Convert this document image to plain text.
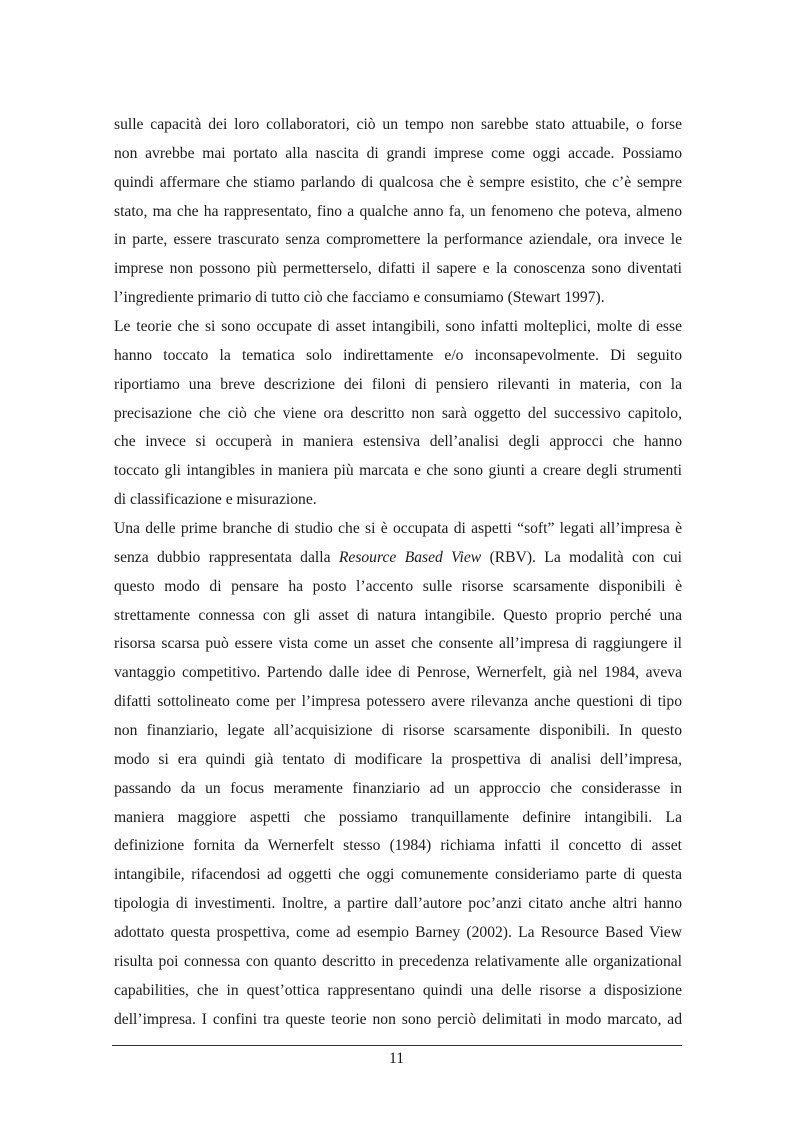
sulle capacità dei loro collaboratori, ciò un tempo non sarebbe stato attuabile, o forse
non avrebbe mai portato alla nascita di grandi imprese come oggi accade. Possiamo
quindi affermare che stiamo parlando di qualcosa che è sempre esistito, che c’è sempre
stato, ma che ha rappresentato, fino a qualche anno fa, un fenomeno che poteva, almeno
in parte, essere trascurato senza compromettere la performance aziendale, ora invece le
imprese non possono più permetterselo, difatti il sapere e la conoscenza sono diventati
l’ingrediente primario di tutto ciò che facciamo e consumiamo (Stewart 1997).
Le teorie che si sono occupate di asset intangibili, sono infatti molteplici, molte di esse
hanno toccato la tematica solo indirettamente e/o inconsapevolmente. Di seguito
riportiamo una breve descrizione dei filoni di pensiero rilevanti in materia, con la
precisazione che ciò che viene ora descritto non sarà oggetto del successivo capitolo,
che invece si occuperà in maniera estensiva dell’analisi degli approcci che hanno
toccato gli intangibles in maniera più marcata e che sono giunti a creare degli strumenti
di classificazione e misurazione.
Una delle prime branche di studio che si è occupata di aspetti “soft” legati all’impresa è
senza dubbio rappresentata dalla Resource Based View (RBV). La modalità con cui
questo modo di pensare ha posto l’accento sulle risorse scarsamente disponibili è
strettamente connessa con gli asset di natura intangibile. Questo proprio perché una
risorsa scarsa può essere vista come un asset che consente all’impresa di raggiungere il
vantaggio competitivo. Partendo dalle idee di Penrose, Wernerfelt, già nel 1984, aveva
difatti sottolineato come per l’impresa potessero avere rilevanza anche questioni di tipo
non finanziario, legate all’acquisizione di risorse scarsamente disponibili. In questo
modo si era quindi già tentato di modificare la prospettiva di analisi dell’impresa,
passando da un focus meramente finanziario ad un approccio che considerasse in
maniera maggiore aspetti che possiamo tranquillamente definire intangibili. La
definizione fornita da Wernerfelt stesso (1984) richiama infatti il concetto di asset
intangibile, rifacendosi ad oggetti che oggi comunemente consideriamo parte di questa
tipologia di investimenti. Inoltre, a partire dall’autore poc’anzi citato anche altri hanno
adottato questa prospettiva, come ad esempio Barney (2002). La Resource Based View
risulta poi connessa con quanto descritto in precedenza relativamente alle organizational
capabilities, che in quest’ottica rappresentano quindi una delle risorse a disposizione
dell’impresa. I confini tra queste teorie non sono perciò delimitati in modo marcato, ad
11
